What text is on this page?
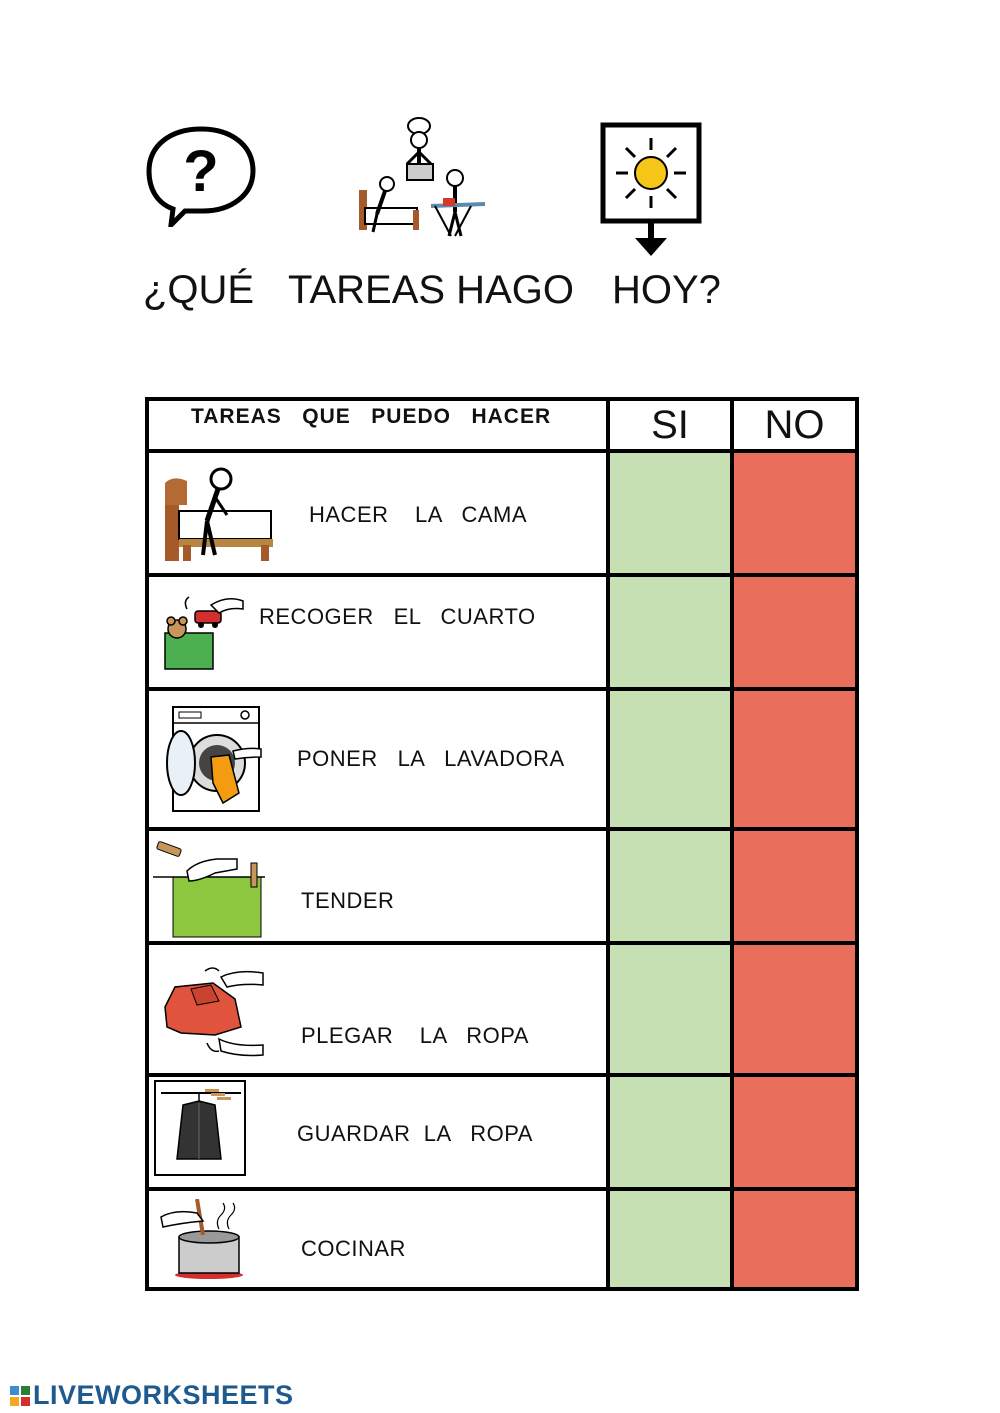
?
¿QUÉ TAREAS HAGO HOY?
TAREAS   QUE   PUEDO   HACER	SI	NO

HACER    LA   CAMA		

RECOGER   EL   CUARTO		

PONER   LA   LAVADORA		

TENDER		

PLEGAR    LA   ROPA		

GUARDAR  LA   ROPA		

COCINAR		

LIVEWORKSHEETS
